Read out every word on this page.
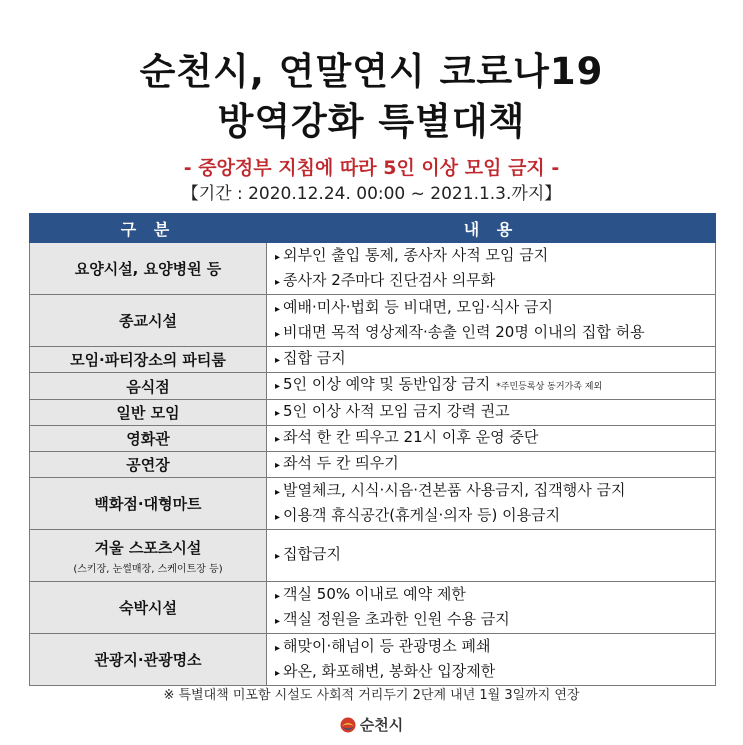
순천시, 연말연시 코로나19
방역강화 특별대책
- 중앙정부 지침에 따라 5인 이상 모임 금지 -
【기간 : 2020.12.24. 00:00 ~ 2021.1.3.까지】
구 분	내 용
요양시설, 요양병원 등	▸ 외부인 출입 통제, 종사자 사적 모임 금지
▸ 종사자 2주마다 진단검사 의무화

종교시설	▸ 예배·미사·법회 등 비대면, 모임·식사 금지
▸ 비대면 목적 영상제작·송출 인력 20명 이내의 집합 허용

모임·파티장소의 파티룸	▸ 집합 금지

음식점	▸ 5인 이상 예약 및 동반입장 금지 *주민등록상 동거가족 제외

일반 모임	▸ 5인 이상 사적 모임 금지 강력 권고

영화관	▸ 좌석 한 칸 띄우고 21시 이후 운영 중단

공연장	▸ 좌석 두 칸 띄우기

백화점·대형마트	▸ 발열체크, 시식·시음·견본품 사용금지, 집객행사 금지
▸ 이용객 휴식공간(휴게실·의자 등) 이용금지

겨울 스포츠시설
(스키장, 눈썰매장, 스케이트장 등)	▸ 집합금지

숙박시설	▸ 객실 50% 이내로 예약 제한
▸ 객실 정원을 초과한 인원 수용 금지

관광지·관광명소	▸ 해맞이·해넘이 등 관광명소 폐쇄
▸ 와온, 화포해변, 봉화산 입장제한
※ 특별대책 미포함 시설도 사회적 거리두기 2단계 내년 1월 3일까지 연장
순천시
